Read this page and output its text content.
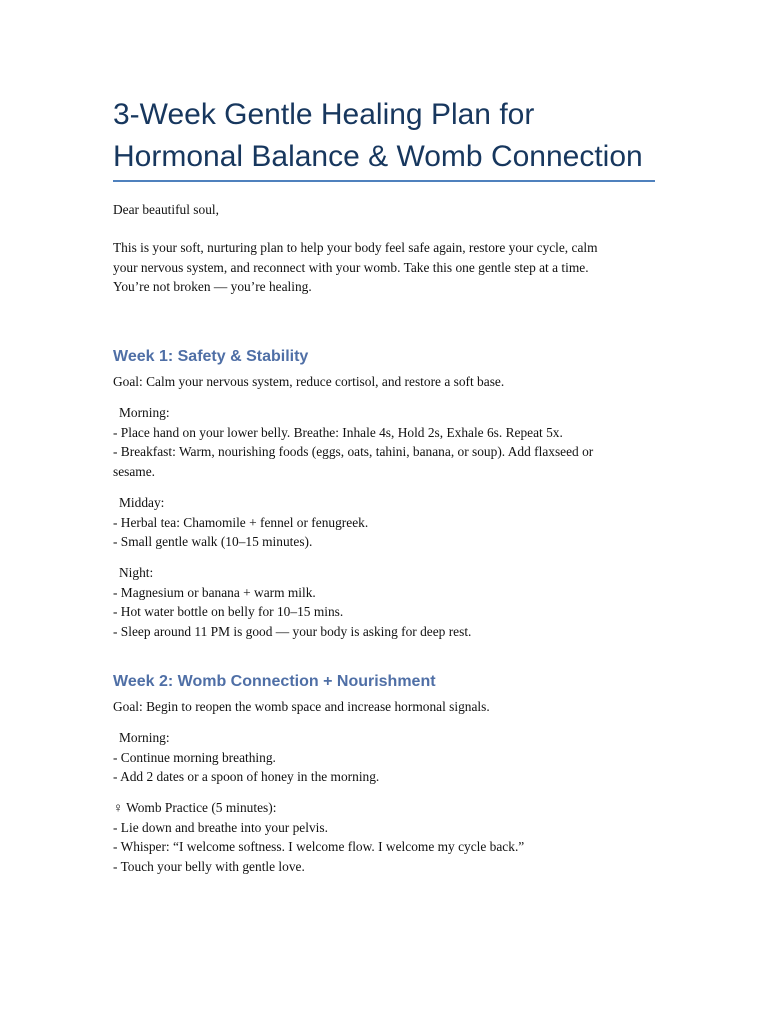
3-Week Gentle Healing Plan for
Hormonal Balance & Womb Connection
Dear beautiful soul,
This is your soft, nurturing plan to help your body feel safe again, restore your cycle, calm
your nervous system, and reconnect with your womb. Take this one gentle step at a time.
You’re not broken — you’re healing.
Week 1: Safety & Stability
Goal: Calm your nervous system, reduce cortisol, and restore a soft base.
Morning:
- Place hand on your lower belly. Breathe: Inhale 4s, Hold 2s, Exhale 6s. Repeat 5x.
- Breakfast: Warm, nourishing foods (eggs, oats, tahini, banana, or soup). Add flaxseed or
sesame.
Midday:
- Herbal tea: Chamomile + fennel or fenugreek.
- Small gentle walk (10–15 minutes).
Night:
- Magnesium or banana + warm milk.
- Hot water bottle on belly for 10–15 mins.
- Sleep around 11 PM is good — your body is asking for deep rest.
Week 2: Womb Connection + Nourishment
Goal: Begin to reopen the womb space and increase hormonal signals.
Morning:
- Continue morning breathing.
- Add 2 dates or a spoon of honey in the morning.
♀ Womb Practice (5 minutes):
- Lie down and breathe into your pelvis.
- Whisper: “I welcome softness. I welcome flow. I welcome my cycle back.”
- Touch your belly with gentle love.
